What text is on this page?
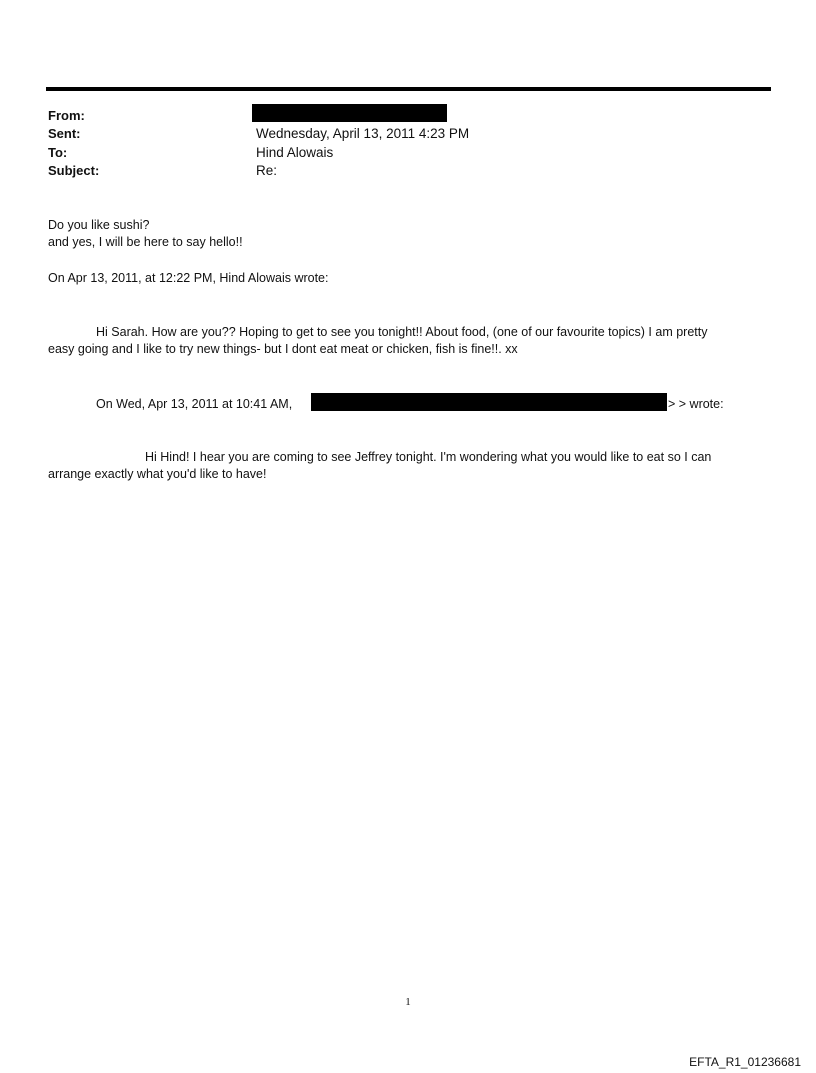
From:
Sent:	Wednesday, April 13, 2011 4:23 PM
To:	Hind Alowais
Subject:	Re:
Do you like sushi?
and yes, I will be here to say hello!!
On Apr 13, 2011, at 12:22 PM, Hind Alowais wrote:
Hi Sarah. How are you?? Hoping to get to see you tonight!! About food, (one of our favourite topics) I am pretty
easy going and I like to try new things- but I dont eat meat or chicken, fish is fine!!. xx
On Wed, Apr 13, 2011 at 10:41 AM,	> > wrote:
Hi Hind! I hear you are coming to see Jeffrey tonight. I'm wondering what you would like to eat so I can
arrange exactly what you'd like to have!
1
EFTA_R1_01236681
